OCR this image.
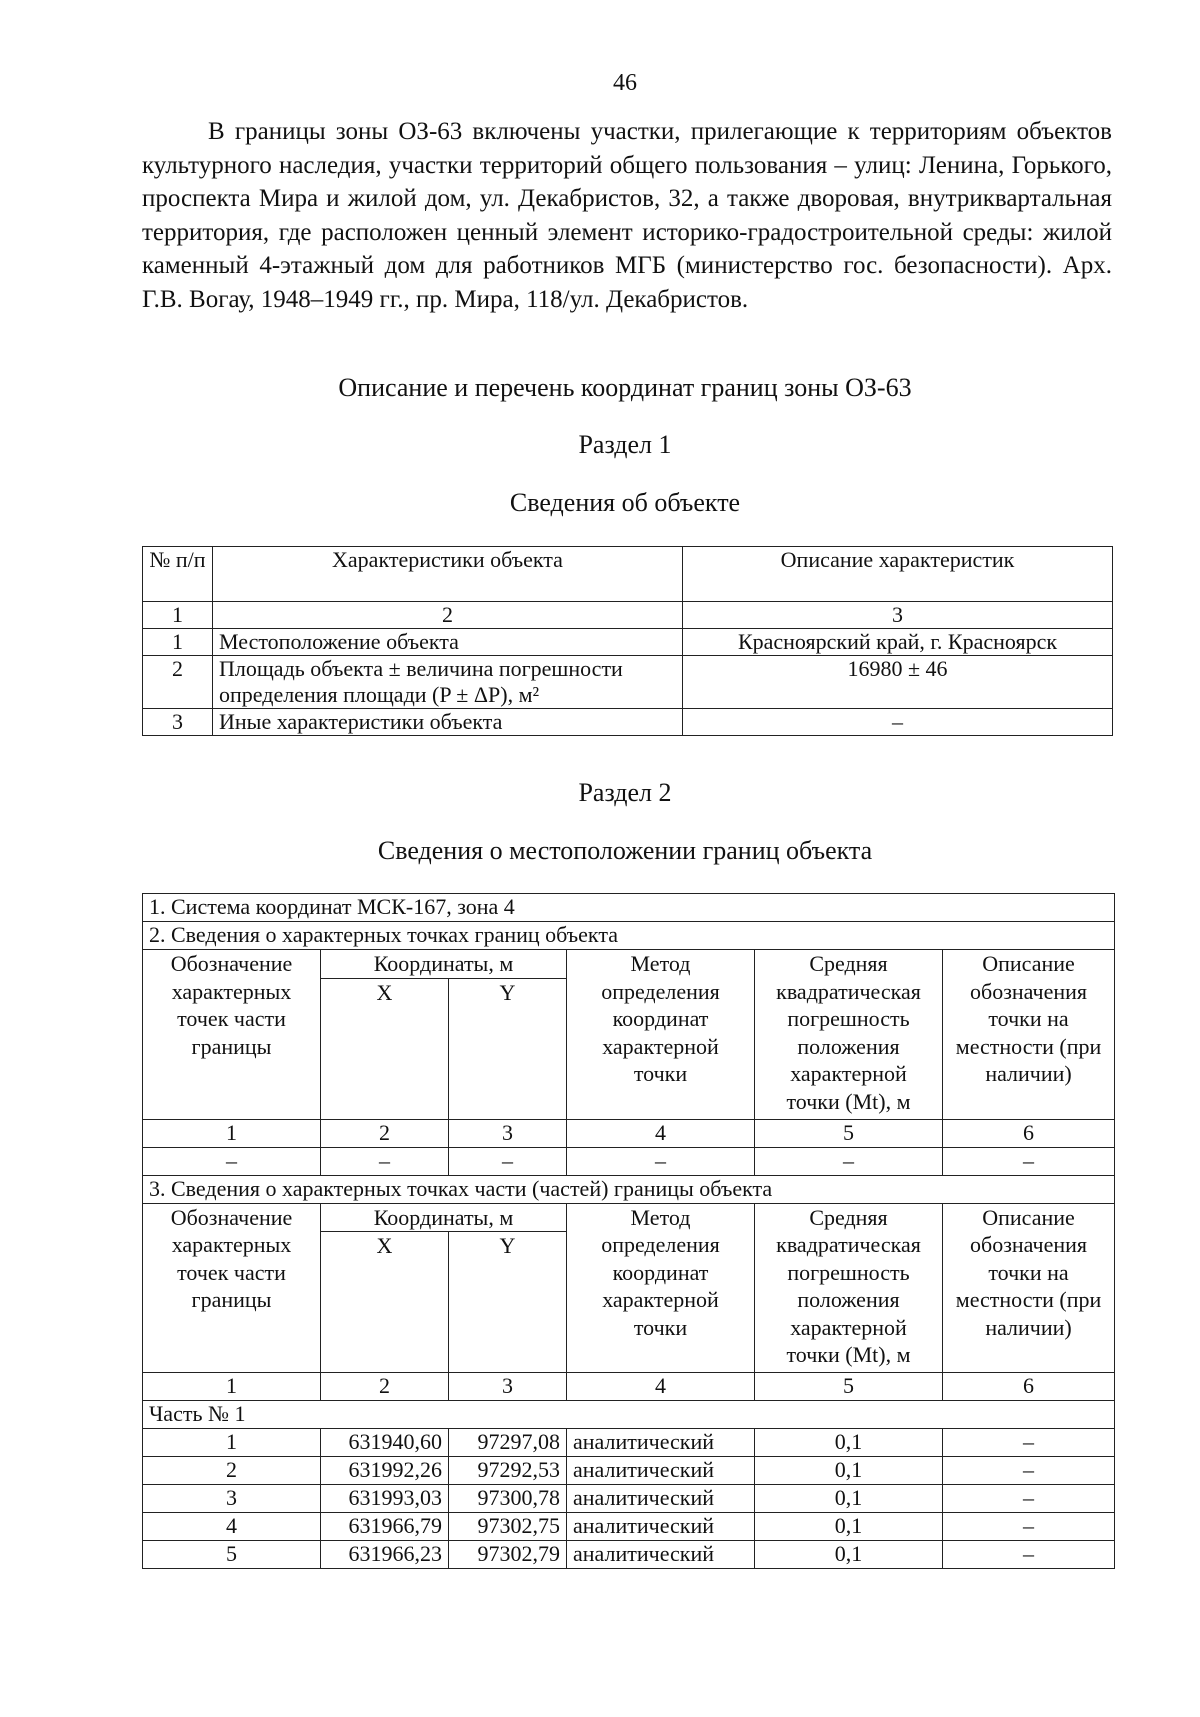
46

В границы зоны ОЗ-63 включены участки, прилегающие к территориям объектов культурного наследия, участки территорий общего пользования – улиц: Ленина, Горького, проспекта Мира и жилой дом, ул. Декабристов, 32, а также дворовая, внутриквартальная территория, где расположен ценный элемент историко-градостроительной среды: жилой каменный 4-этажный дом для работников МГБ (министерство гос. безопасности). Арх. Г.В. Вогау, 1948–1949 гг., пр. Мира, 118/ул. Декабристов.

Описание и перечень координат границ зоны ОЗ-63
Раздел 1
Сведения об объекте
№ п/п	Характеристики объекта	Описание характеристик
1	2	3
1	Местоположение объекта	Красноярский край, г. Красноярск
2	Площадь объекта ± величина погрешности определения площади (P ± ΔP), м²	16980 ± 46
3	Иные характеристики объекта	–
Раздел 2
Сведения о местоположении границ объекта
1. Система координат МСК-167, зона 4					
2. Сведения о характерных точках границ объекта					
Обозначение характерных точек части границы	Координаты, м		Метод определения координат характерной точки	Средняя квадратическая погрешность положения характерной точки (Mt), м	Описание обозначения точки на местности (при наличии)
	X	Y			
1	2	3	4	5	6
–	–	–	–	–	–
3. Сведения о характерных точках части (частей) границы объекта					
Обозначение характерных точек части границы	Координаты, м		Метод определения координат характерной точки	Средняя квадратическая погрешность положения характерной точки (Mt), м	Описание обозначения точки на местности (при наличии)
	X	Y			
1	2	3	4	5	6
Часть № 1					
1	631940,60	97297,08	аналитический	0,1	–
2	631992,26	97292,53	аналитический	0,1	–
3	631993,03	97300,78	аналитический	0,1	–
4	631966,79	97302,75	аналитический	0,1	–
5	631966,23	97302,79	аналитический	0,1	–
